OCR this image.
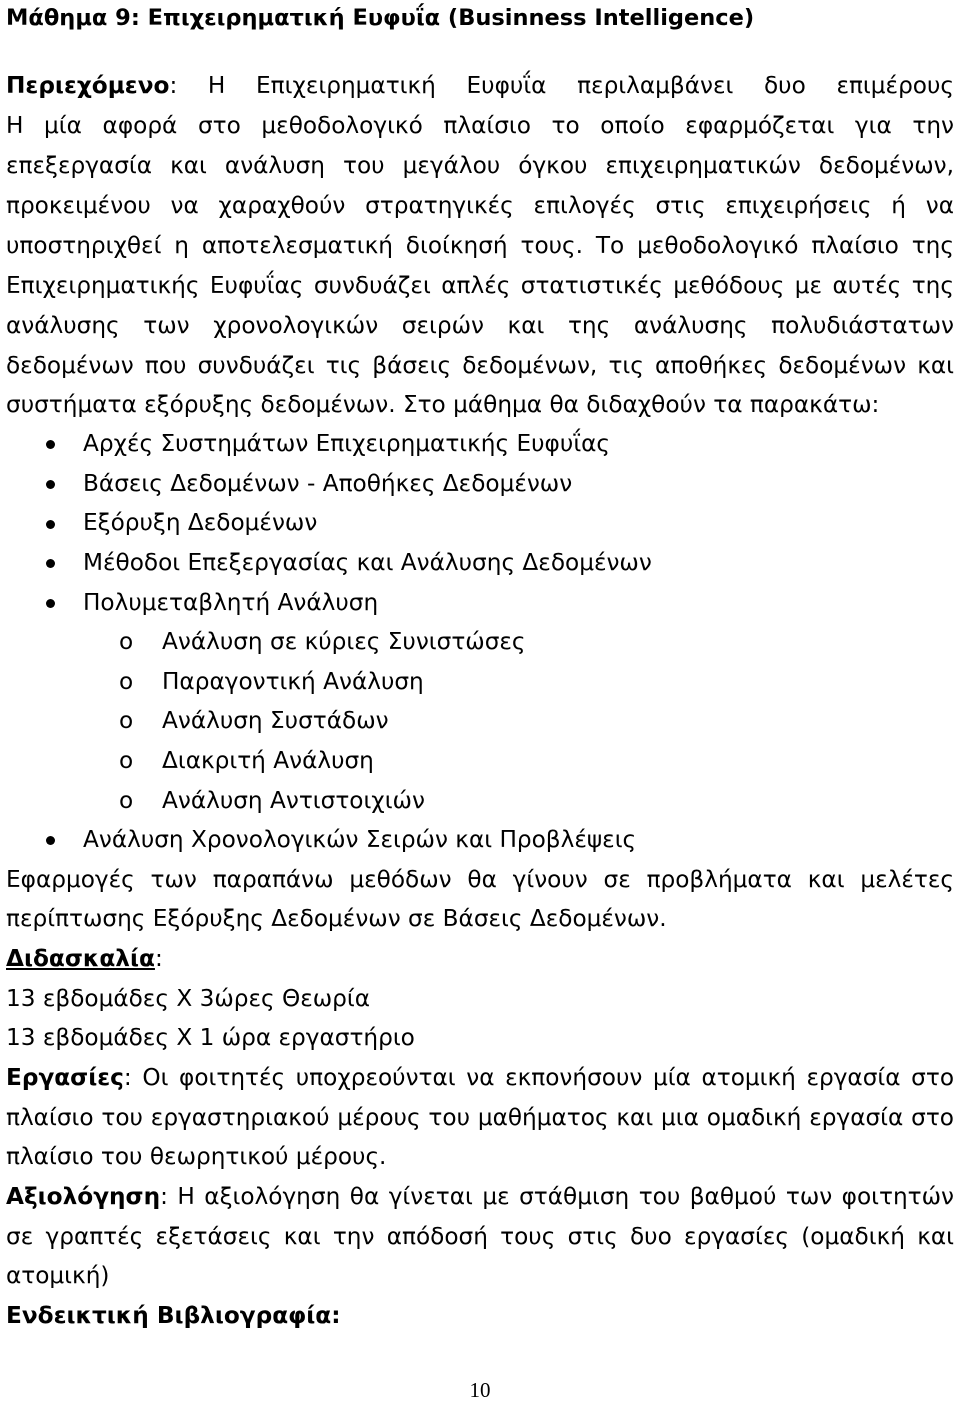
Μάθημα 9: Επιχειρηματική Ευφυΐα (Businness Intelligence)
Περιεχόμενο: Η Επιχειρηματική Ευφυΐα περιλαμβάνει δυο επιμέρους
Η μία αφορά στο μεθοδολογικό πλαίσιο το οποίο εφαρμόζεται για την
επεξεργασία και ανάλυση του μεγάλου όγκου επιχειρηματικών δεδομένων,
προκειμένου να χαραχθούν στρατηγικές επιλογές στις επιχειρήσεις ή να
υποστηριχθεί η αποτελεσματική διοίκησή τους. Το μεθοδολογικό πλαίσιο της
Επιχειρηματικής Ευφυΐας συνδυάζει απλές στατιστικές μεθόδους με αυτές της
ανάλυσης των χρονολογικών σειρών και της ανάλυσης πολυδιάστατων
δεδομένων που συνδυάζει τις βάσεις δεδομένων, τις αποθήκες δεδομένων και
συστήματα εξόρυξης δεδομένων. Στο μάθημα θα διδαχθούν τα παρακάτω:
Αρχές Συστημάτων Επιχειρηματικής Ευφυΐας
Βάσεις Δεδομένων - Αποθήκες Δεδομένων
Εξόρυξη Δεδομένων
Μέθοδοι Επεξεργασίας και Ανάλυσης Δεδομένων
Πολυμεταβλητή Ανάλυση
o Ανάλυση σε κύριες Συνιστώσες
o Παραγοντική Ανάλυση
o Ανάλυση Συστάδων
o Διακριτή Ανάλυση
o Ανάλυση Αντιστοιχιών
Ανάλυση Χρονολογικών Σειρών και Προβλέψεις
Εφαρμογές των παραπάνω μεθόδων θα γίνουν σε προβλήματα και μελέτες
περίπτωσης Εξόρυξης Δεδομένων σε Βάσεις Δεδομένων.
Διδασκαλία:
13 εβδομάδες Χ 3ώρες Θεωρία
13 εβδομάδες Χ 1 ώρα εργαστήριο
Εργασίες: Οι φοιτητές υποχρεούνται να εκπονήσουν μία ατομική εργασία στο
πλαίσιο του εργαστηριακού μέρους του μαθήματος και μια ομαδική εργασία στο
πλαίσιο του θεωρητικού μέρους.
Αξιολόγηση: Η αξιολόγηση θα γίνεται με στάθμιση του βαθμού των φοιτητών
σε γραπτές εξετάσεις και την απόδοσή τους στις δυο εργασίες (ομαδική και
ατομική)
Ενδεικτική Βιβλιογραφία:
10
